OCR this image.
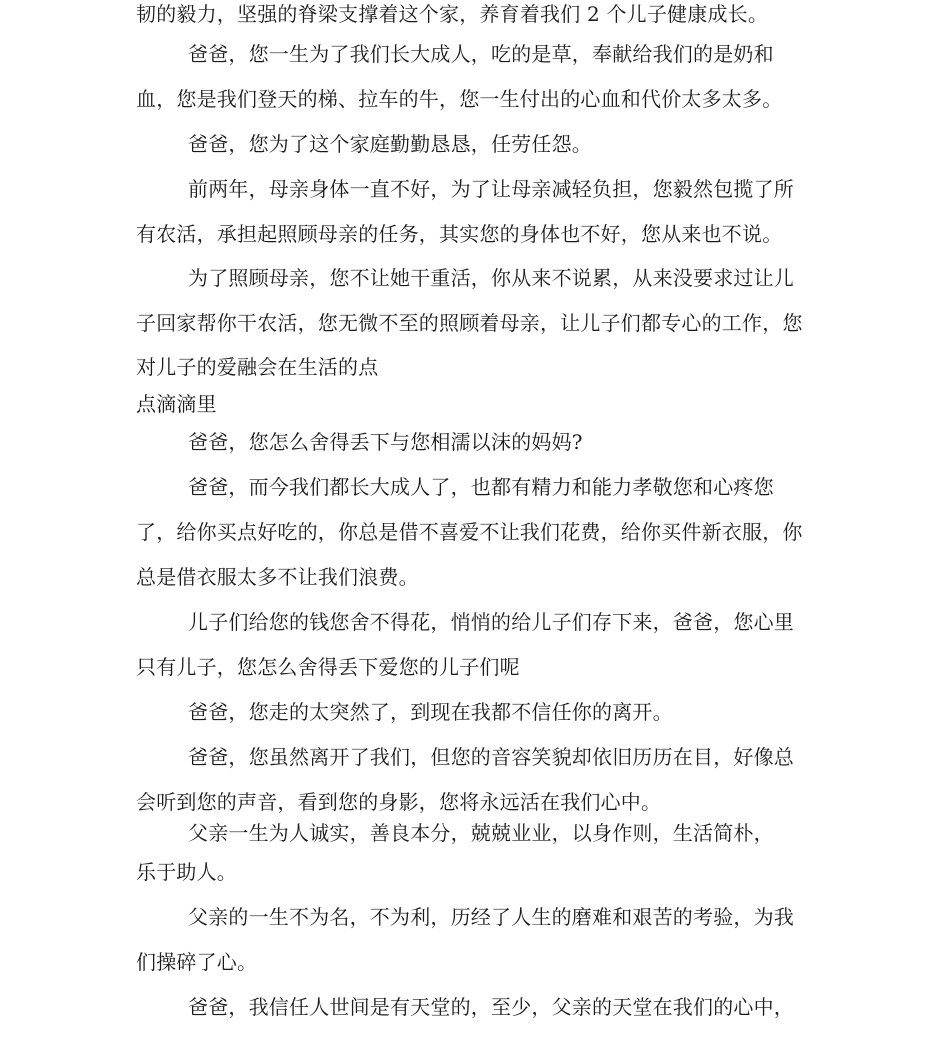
韧的毅力，坚强的脊梁支撑着这个家，养育着我们 2 个儿子健康成长。

爸爸，您一生为了我们长大成人，吃的是草，奉献给我们的是奶和

血，您是我们登天的梯、拉车的牛，您一生付出的心血和代价太多太多。

爸爸，您为了这个家庭勤勤恳恳，任劳任怨。

前两年，母亲身体一直不好，为了让母亲减轻负担，您毅然包揽了所

有农活，承担起照顾母亲的任务，其实您的身体也不好，您从来也不说。

为了照顾母亲，您不让她干重活，你从来不说累，从来没要求过让儿

子回家帮你干农活，您无微不至的照顾着母亲，让儿子们都专心的工作，您

对儿子的爱融会在生活的点

点滴滴里

爸爸，您怎么舍得丢下与您相濡以沫的妈妈?

爸爸，而今我们都长大成人了，也都有精力和能力孝敬您和心疼您

了，给你买点好吃的，你总是借不喜爱不让我们花费，给你买件新衣服，你

总是借衣服太多不让我们浪费。

儿子们给您的钱您舍不得花，悄悄的给儿子们存下来，爸爸，您心里

只有儿子，您怎么舍得丢下爱您的儿子们呢

爸爸，您走的太突然了，到现在我都不信任你的离开。

爸爸，您虽然离开了我们，但您的音容笑貌却依旧历历在目，好像总

会听到您的声音，看到您的身影，您将永远活在我们心中。

父亲一生为人诚实，善良本分，兢兢业业，以身作则，生活简朴，

乐于助人。

父亲的一生不为名，不为利，历经了人生的磨难和艰苦的考验，为我

们操碎了心。

爸爸，我信任人世间是有天堂的，至少，父亲的天堂在我们的心中，
